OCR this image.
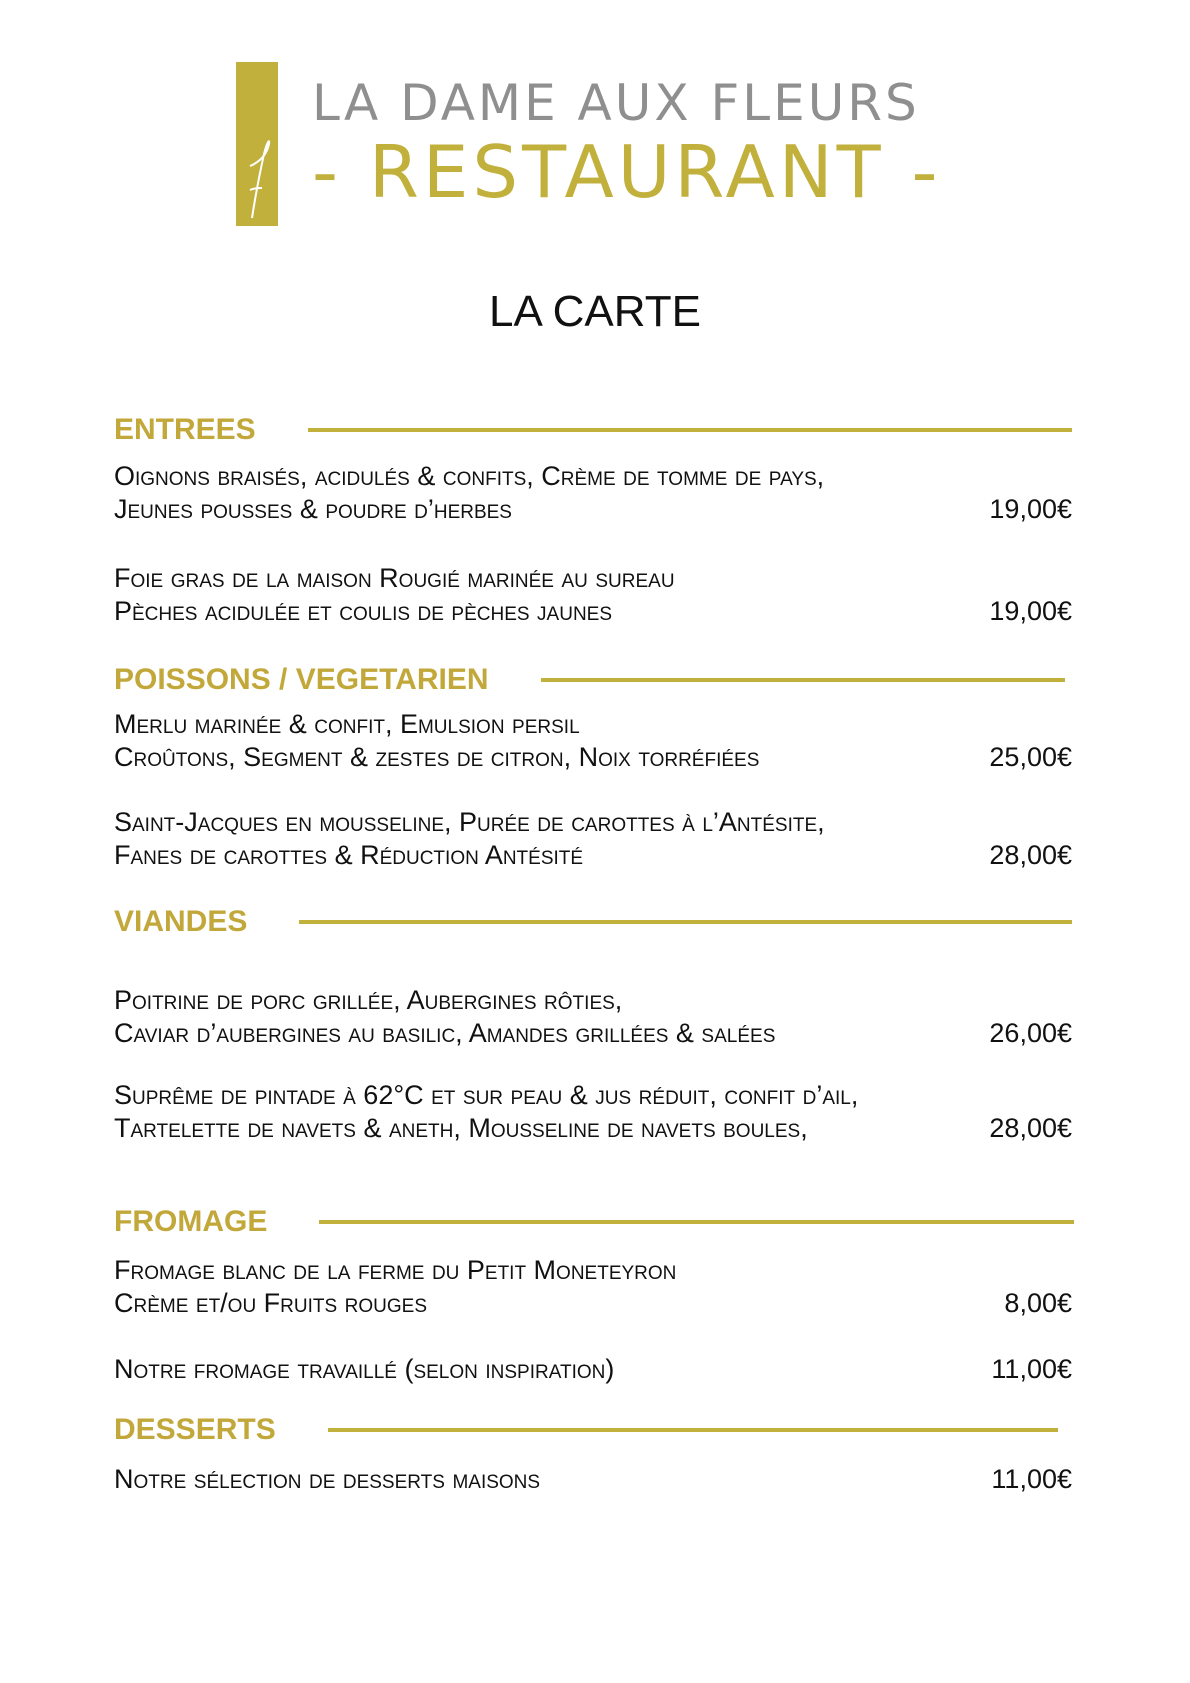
LA DAME AUX FLEURS
- RESTAURANT -
LA CARTE
ENTREES
Oignons braisés, acidulés & confits, Crème de tomme de pays,
Jeunes pousses & poudre d’herbes	19,00€
Foie gras de la maison Rougié marinée au sureau
Pèches acidulée et coulis de pèches jaunes	19,00€
POISSONS / VEGETARIEN
Merlu marinée & confit, Emulsion persil
Croûtons, Segment & zestes de citron, Noix torréfiées	25,00€
Saint-Jacques en mousseline, Purée de carottes à l’Antésite,
Fanes de carottes & Réduction Antésité	28,00€
VIANDES
Poitrine de porc grillée, Aubergines rôties,
Caviar d’aubergines au basilic, Amandes grillées & salées	26,00€
Suprême de pintade à 62°C et sur peau & jus réduit, confit d’ail,
Tartelette de navets & aneth, Mousseline de navets boules,	28,00€
FROMAGE
Fromage blanc de la ferme du Petit Moneteyron
Crème et/ou Fruits rouges	8,00€
Notre fromage travaillé (selon inspiration)	11,00€
DESSERTS
Notre sélection de desserts maisons	11,00€
